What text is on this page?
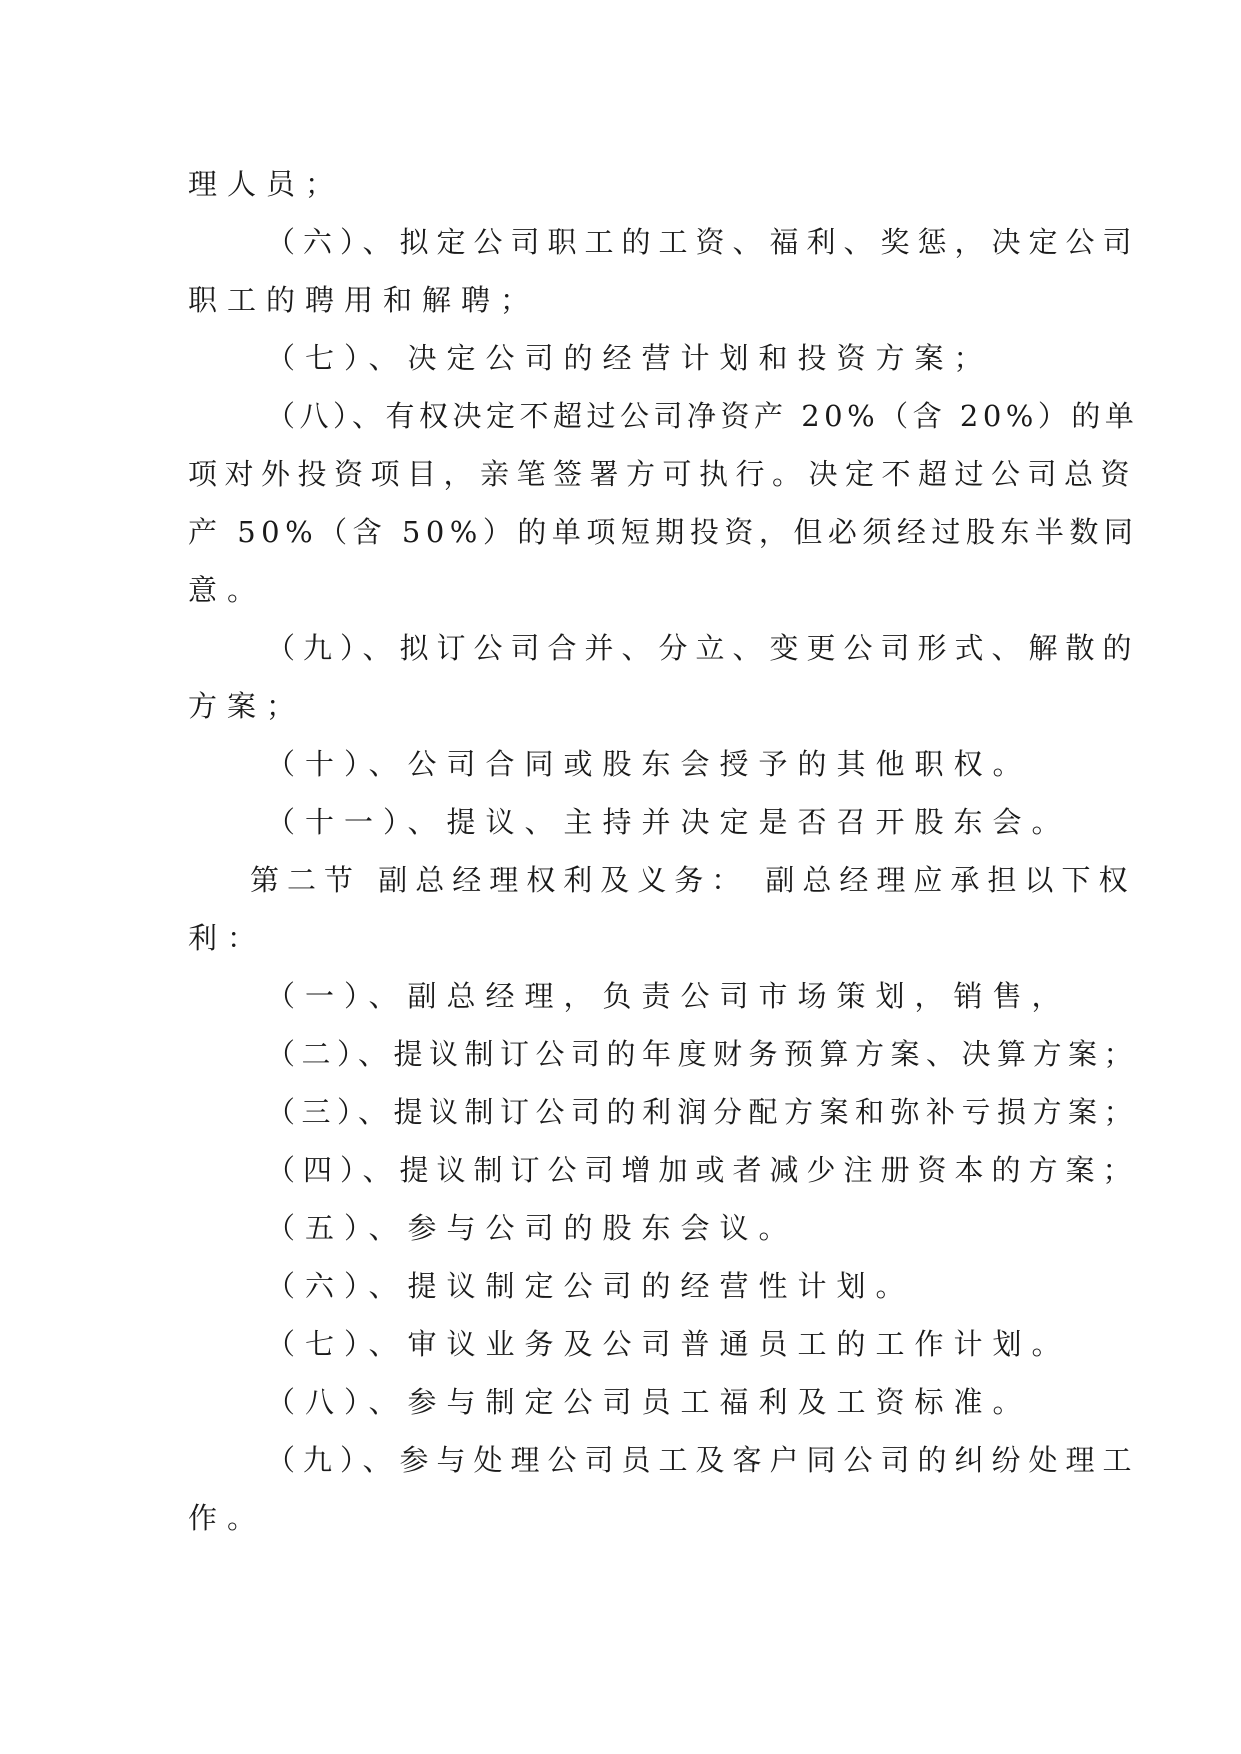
理人员；
（六）、拟定公司职工的工资、福利、奖惩，决定公司
职工的聘用和解聘；
（七）、决定公司的经营计划和投资方案；
（八）、有权决定不超过公司净资产 20%（含 20%）的单
项对外投资项目，亲笔签署方可执行。决定不超过公司总资
产 50%（含 50%）的单项短期投资，但必须经过股东半数同
意。
（九）、拟订公司合并、分立、变更公司形式、解散的
方案；
（十）、公司合同或股东会授予的其他职权。
（十一）、提议、主持并决定是否召开股东会。
第二节 副总经理权利及义务： 副总经理应承担以下权
利：
（一）、副总经理，负责公司市场策划，销售，
（二）、提议制订公司的年度财务预算方案、决算方案；
（三）、提议制订公司的利润分配方案和弥补亏损方案；
（四）、提议制订公司增加或者减少注册资本的方案；
（五）、参与公司的股东会议。
（六）、提议制定公司的经营性计划。
（七）、审议业务及公司普通员工的工作计划。
（八）、参与制定公司员工福利及工资标准。
（九）、参与处理公司员工及客户同公司的纠纷处理工
作。
